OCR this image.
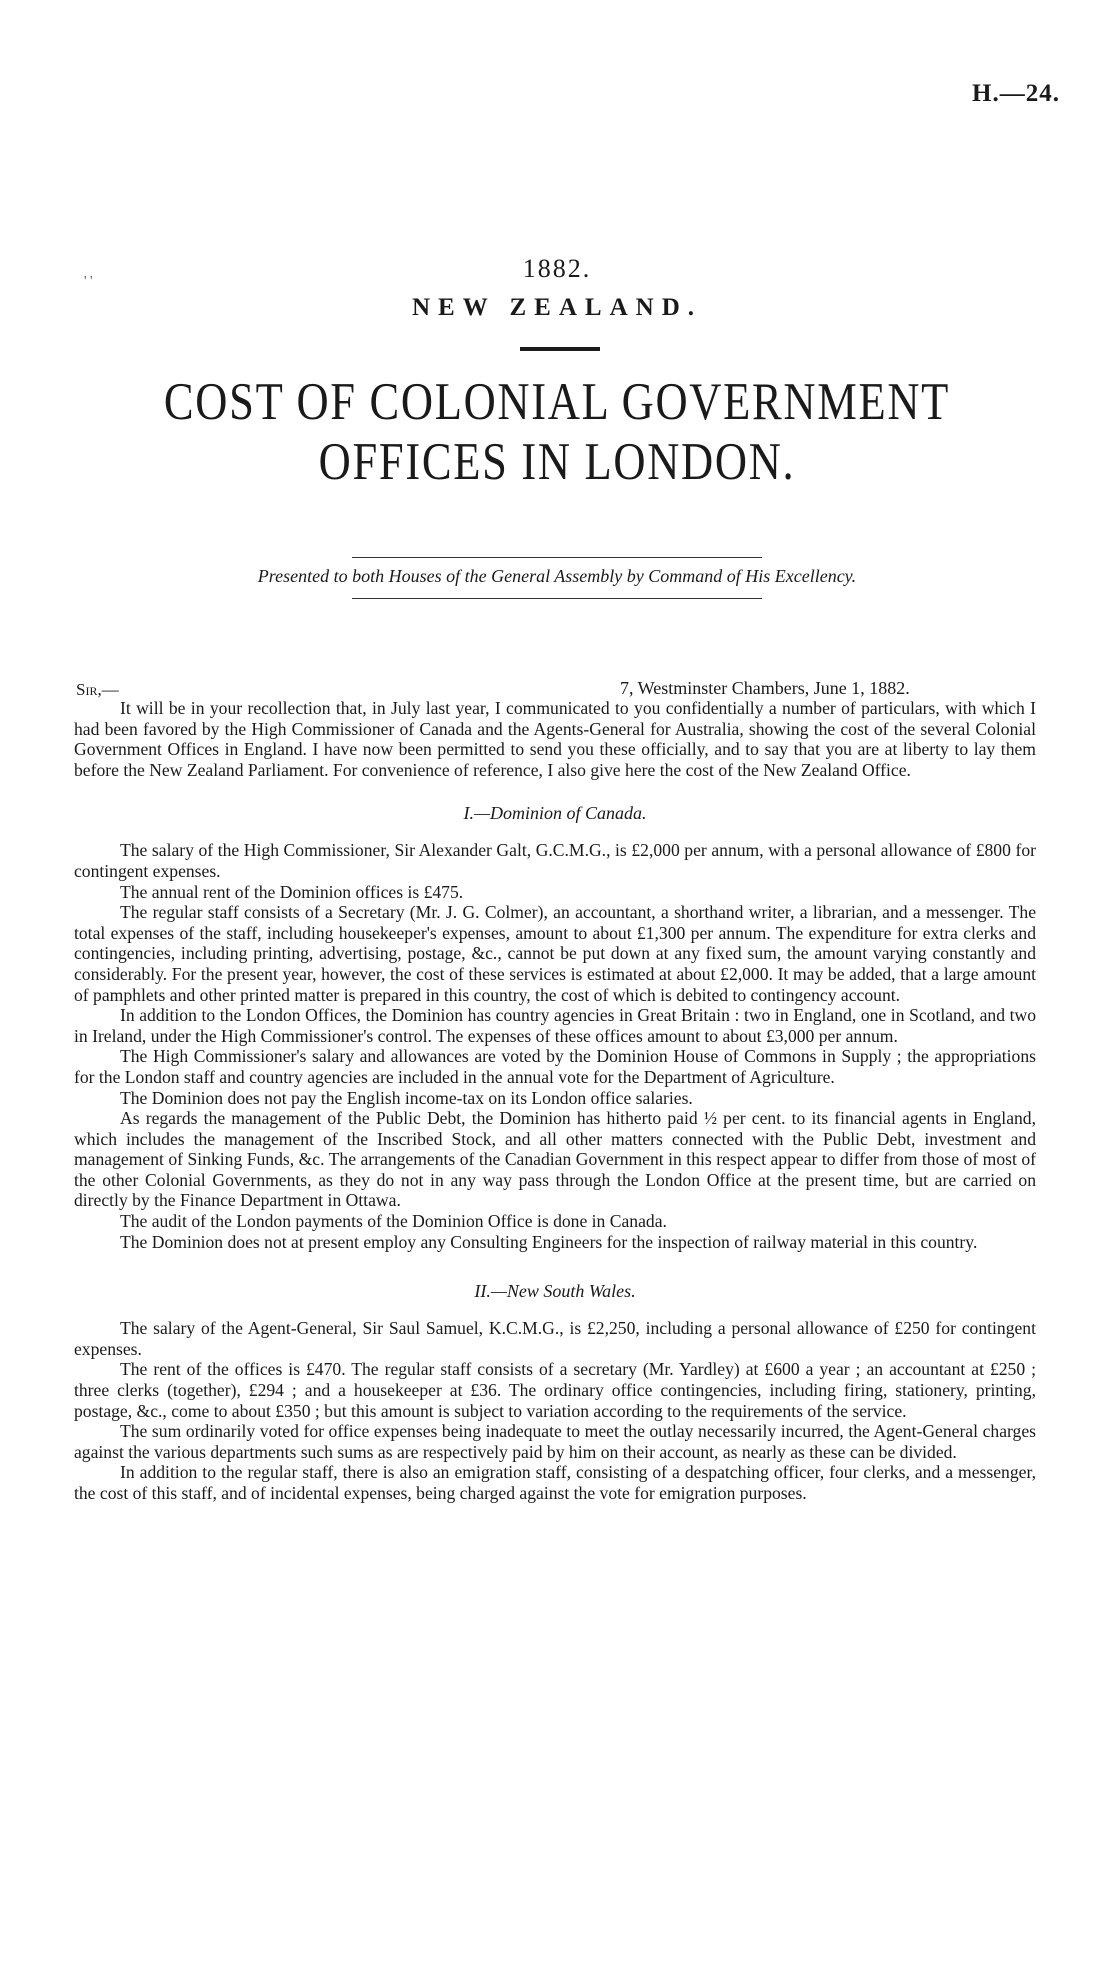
H.—24.
' '	1882.
NEW ZEALAND.
COST OF COLONIAL GOVERNMENT OFFICES IN LONDON.
Presented to both Houses of the General Assembly by Command of His Excellency.
Sir,—	7, Westminster Chambers, June 1, 1882.

It will be in your recollection that, in July last year, I communicated to you confidentially a number of particulars, with which I had been favored by the High Commissioner of Canada and the Agents-General for Australia, showing the cost of the several Colonial Government Offices in England. I have now been permitted to send you these officially, and to say that you are at liberty to lay them before the New Zealand Parliament. For convenience of reference, I also give here the cost of the New Zealand Office.

I.—Dominion of Canada.

The salary of the High Commissioner, Sir Alexander Galt, G.C.M.G., is £2,000 per annum, with a personal allowance of £800 for contingent expenses.

The annual rent of the Dominion offices is £475.

The regular staff consists of a Secretary (Mr. J. G. Colmer), an accountant, a shorthand writer, a librarian, and a messenger. The total expenses of the staff, including housekeeper's expenses, amount to about £1,300 per annum. The expenditure for extra clerks and contingencies, including printing, advertising, postage, &c., cannot be put down at any fixed sum, the amount varying constantly and considerably. For the present year, however, the cost of these services is estimated at about £2,000. It may be added, that a large amount of pamphlets and other printed matter is prepared in this country, the cost of which is debited to contingency account.

In addition to the London Offices, the Dominion has country agencies in Great Britain : two in England, one in Scotland, and two in Ireland, under the High Commissioner's control. The expenses of these offices amount to about £3,000 per annum.

The High Commissioner's salary and allowances are voted by the Dominion House of Commons in Supply ; the appropriations for the London staff and country agencies are included in the annual vote for the Department of Agriculture.

The Dominion does not pay the English income-tax on its London office salaries.

As regards the management of the Public Debt, the Dominion has hitherto paid ½ per cent. to its financial agents in England, which includes the management of the Inscribed Stock, and all other matters connected with the Public Debt, investment and management of Sinking Funds, &c. The arrangements of the Canadian Government in this respect appear to differ from those of most of the other Colonial Governments, as they do not in any way pass through the London Office at the present time, but are carried on directly by the Finance Department in Ottawa.

The audit of the London payments of the Dominion Office is done in Canada.

The Dominion does not at present employ any Consulting Engineers for the inspection of railway material in this country.

II.—New South Wales.

The salary of the Agent-General, Sir Saul Samuel, K.C.M.G., is £2,250, including a personal allowance of £250 for contingent expenses.

The rent of the offices is £470. The regular staff consists of a secretary (Mr. Yardley) at £600 a year ; an accountant at £250 ; three clerks (together), £294 ; and a housekeeper at £36. The ordinary office contingencies, including firing, stationery, printing, postage, &c., come to about £350 ; but this amount is subject to variation according to the requirements of the service.

The sum ordinarily voted for office expenses being inadequate to meet the outlay necessarily incurred, the Agent-General charges against the various departments such sums as are respectively paid by him on their account, as nearly as these can be divided.

In addition to the regular staff, there is also an emigration staff, consisting of a despatching officer, four clerks, and a messenger, the cost of this staff, and of incidental expenses, being charged against the vote for emigration purposes.
